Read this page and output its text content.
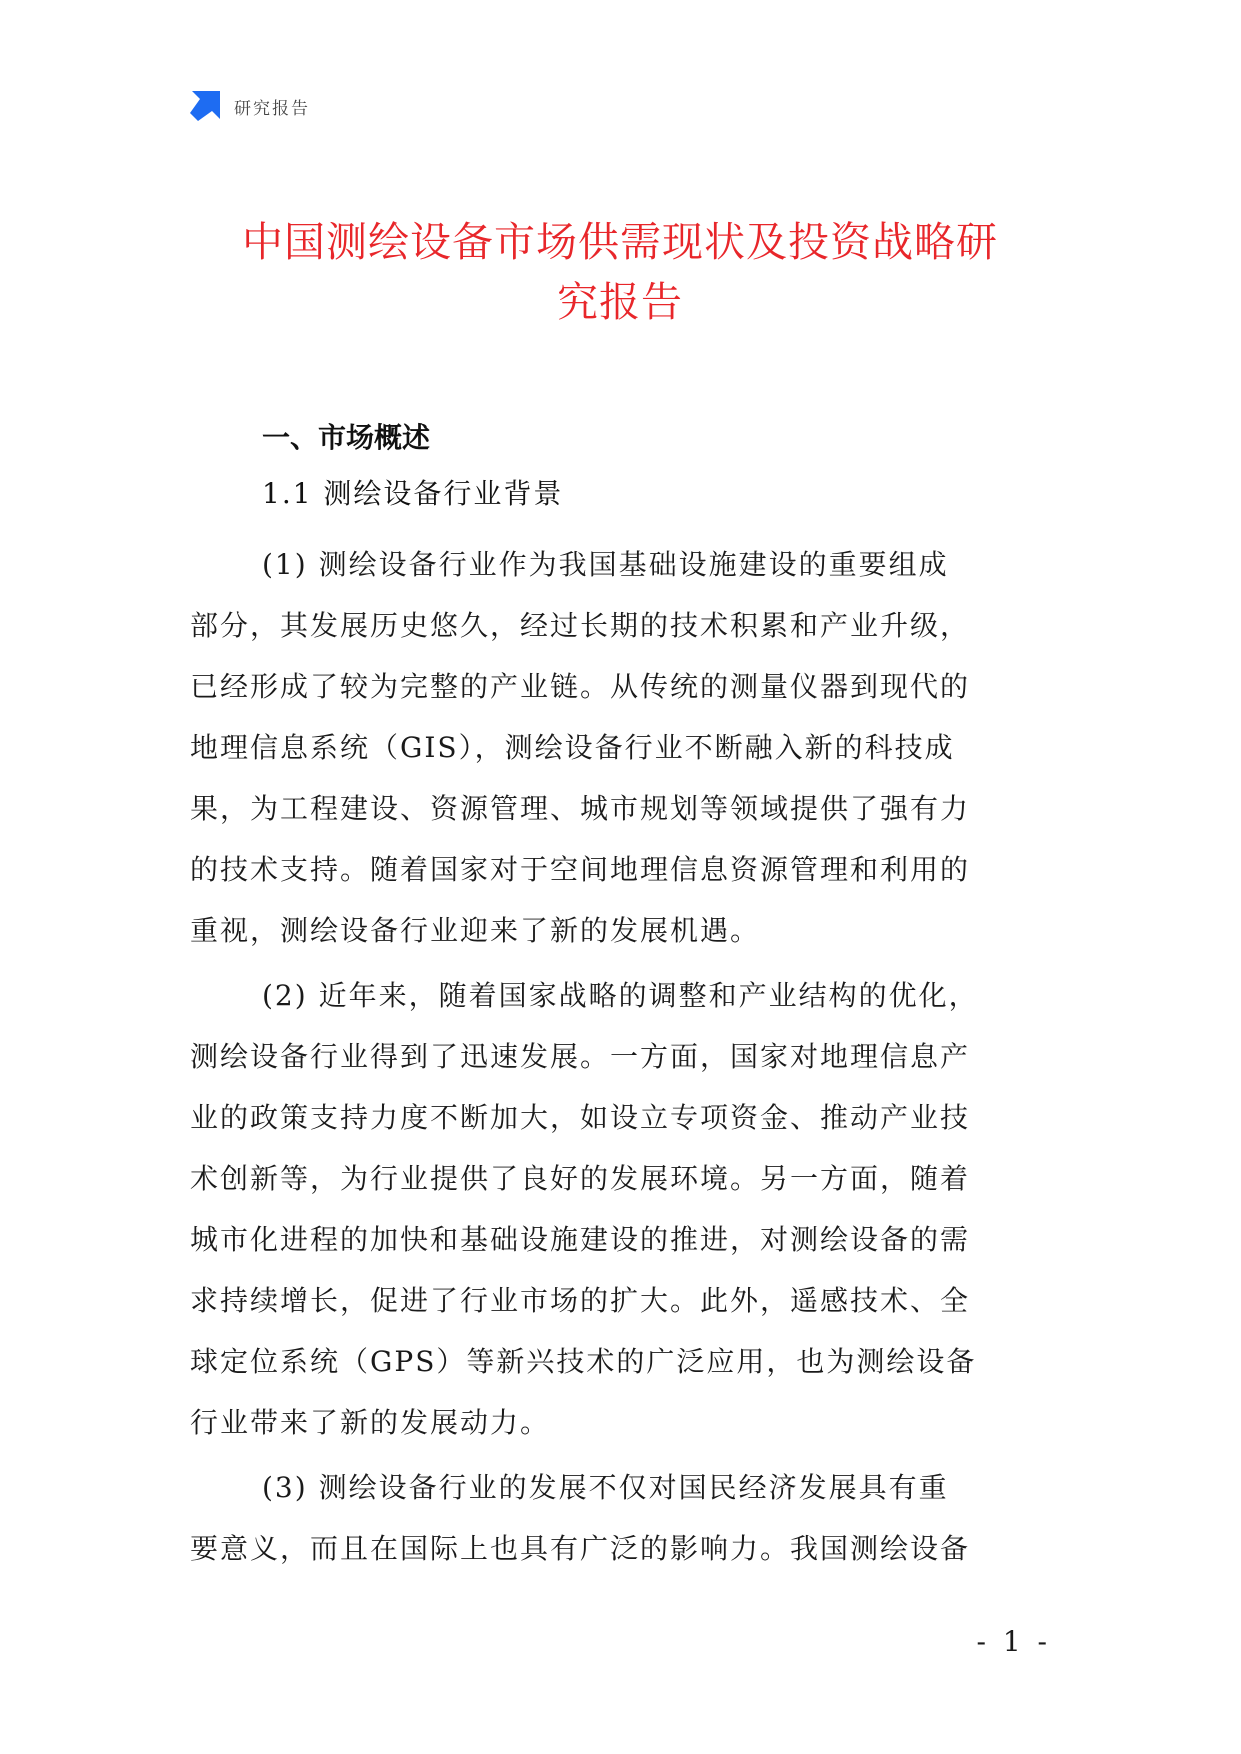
研究报告
中国测绘设备市场供需现状及投资战略研
究报告
一、市场概述
1.1 测绘设备行业背景

(1) 测绘设备行业作为我国基础设施建设的重要组成
部分，其发展历史悠久，经过长期的技术积累和产业升级，
已经形成了较为完整的产业链。从传统的测量仪器到现代的
地理信息系统（GIS），测绘设备行业不断融入新的科技成
果，为工程建设、资源管理、城市规划等领域提供了强有力
的技术支持。随着国家对于空间地理信息资源管理和利用的
重视，测绘设备行业迎来了新的发展机遇。

(2) 近年来，随着国家战略的调整和产业结构的优化，
测绘设备行业得到了迅速发展。一方面，国家对地理信息产
业的政策支持力度不断加大，如设立专项资金、推动产业技
术创新等，为行业提供了良好的发展环境。另一方面，随着
城市化进程的加快和基础设施建设的推进，对测绘设备的需
求持续增长，促进了行业市场的扩大。此外，遥感技术、全
球定位系统（GPS）等新兴技术的广泛应用，也为测绘设备
行业带来了新的发展动力。

(3) 测绘设备行业的发展不仅对国民经济发展具有重
要意义，而且在国际上也具有广泛的影响力。我国测绘设备

- 1 -
